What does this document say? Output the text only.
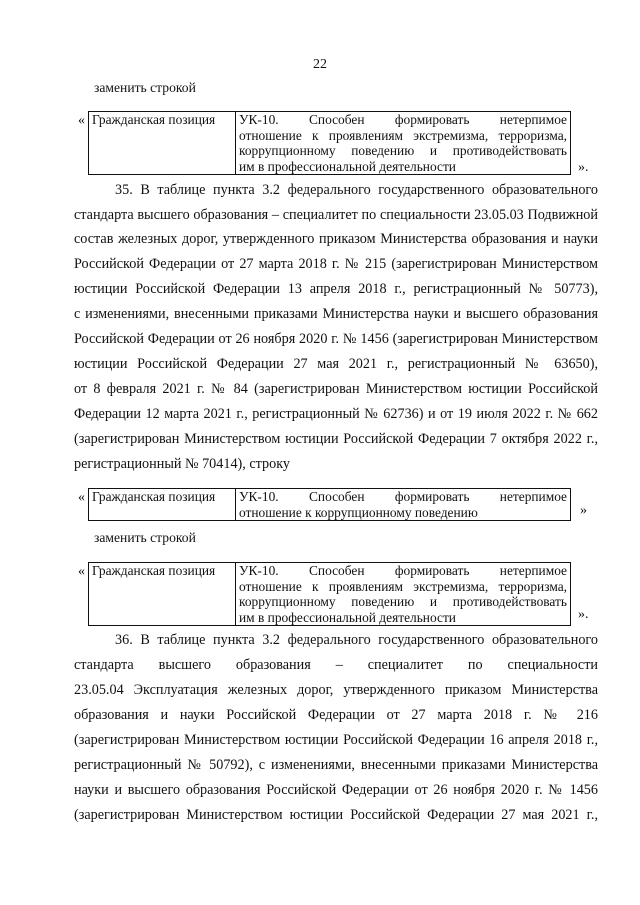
22
заменить строкой
« Гражданская позиция	УК-10. Способен формировать нетерпимое
отношение к проявлениям экстремизма, терроризма,
коррупционному поведению и противодействовать
им в профессиональной деятельности	».
35. В таблице пункта 3.2 федерального государственного образовательного
стандарта высшего образования – специалитет по специальности 23.05.03 Подвижной
состав железных дорог, утвержденного приказом Министерства образования и науки
Российской Федерации от 27 марта 2018 г. № 215 (зарегистрирован Министерством
юстиции Российской Федерации 13 апреля 2018 г., регистрационный № 50773),
с изменениями, внесенными приказами Министерства науки и высшего образования
Российской Федерации от 26 ноября 2020 г. № 1456 (зарегистрирован Министерством
юстиции Российской Федерации 27 мая 2021 г., регистрационный № 63650),
от 8 февраля 2021 г. № 84 (зарегистрирован Министерством юстиции Российской
Федерации 12 марта 2021 г., регистрационный № 62736) и от 19 июля 2022 г. № 662
(зарегистрирован Министерством юстиции Российской Федерации 7 октября 2022 г.,
регистрационный № 70414), строку
« Гражданская позиция	УК-10. Способен формировать нетерпимое
отношение к коррупционному поведению	»
заменить строкой
« Гражданская позиция	УК-10. Способен формировать нетерпимое
отношение к проявлениям экстремизма, терроризма,
коррупционному поведению и противодействовать
им в профессиональной деятельности	».
36. В таблице пункта 3.2 федерального государственного образовательного
стандарта высшего образования – специалитет по специальности
23.05.04 Эксплуатация железных дорог, утвержденного приказом Министерства
образования и науки Российской Федерации от 27 марта 2018 г. № 216
(зарегистрирован Министерством юстиции Российской Федерации 16 апреля 2018 г.,
регистрационный № 50792), с изменениями, внесенными приказами Министерства
науки и высшего образования Российской Федерации от 26 ноября 2020 г. № 1456
(зарегистрирован Министерством юстиции Российской Федерации 27 мая 2021 г.,
